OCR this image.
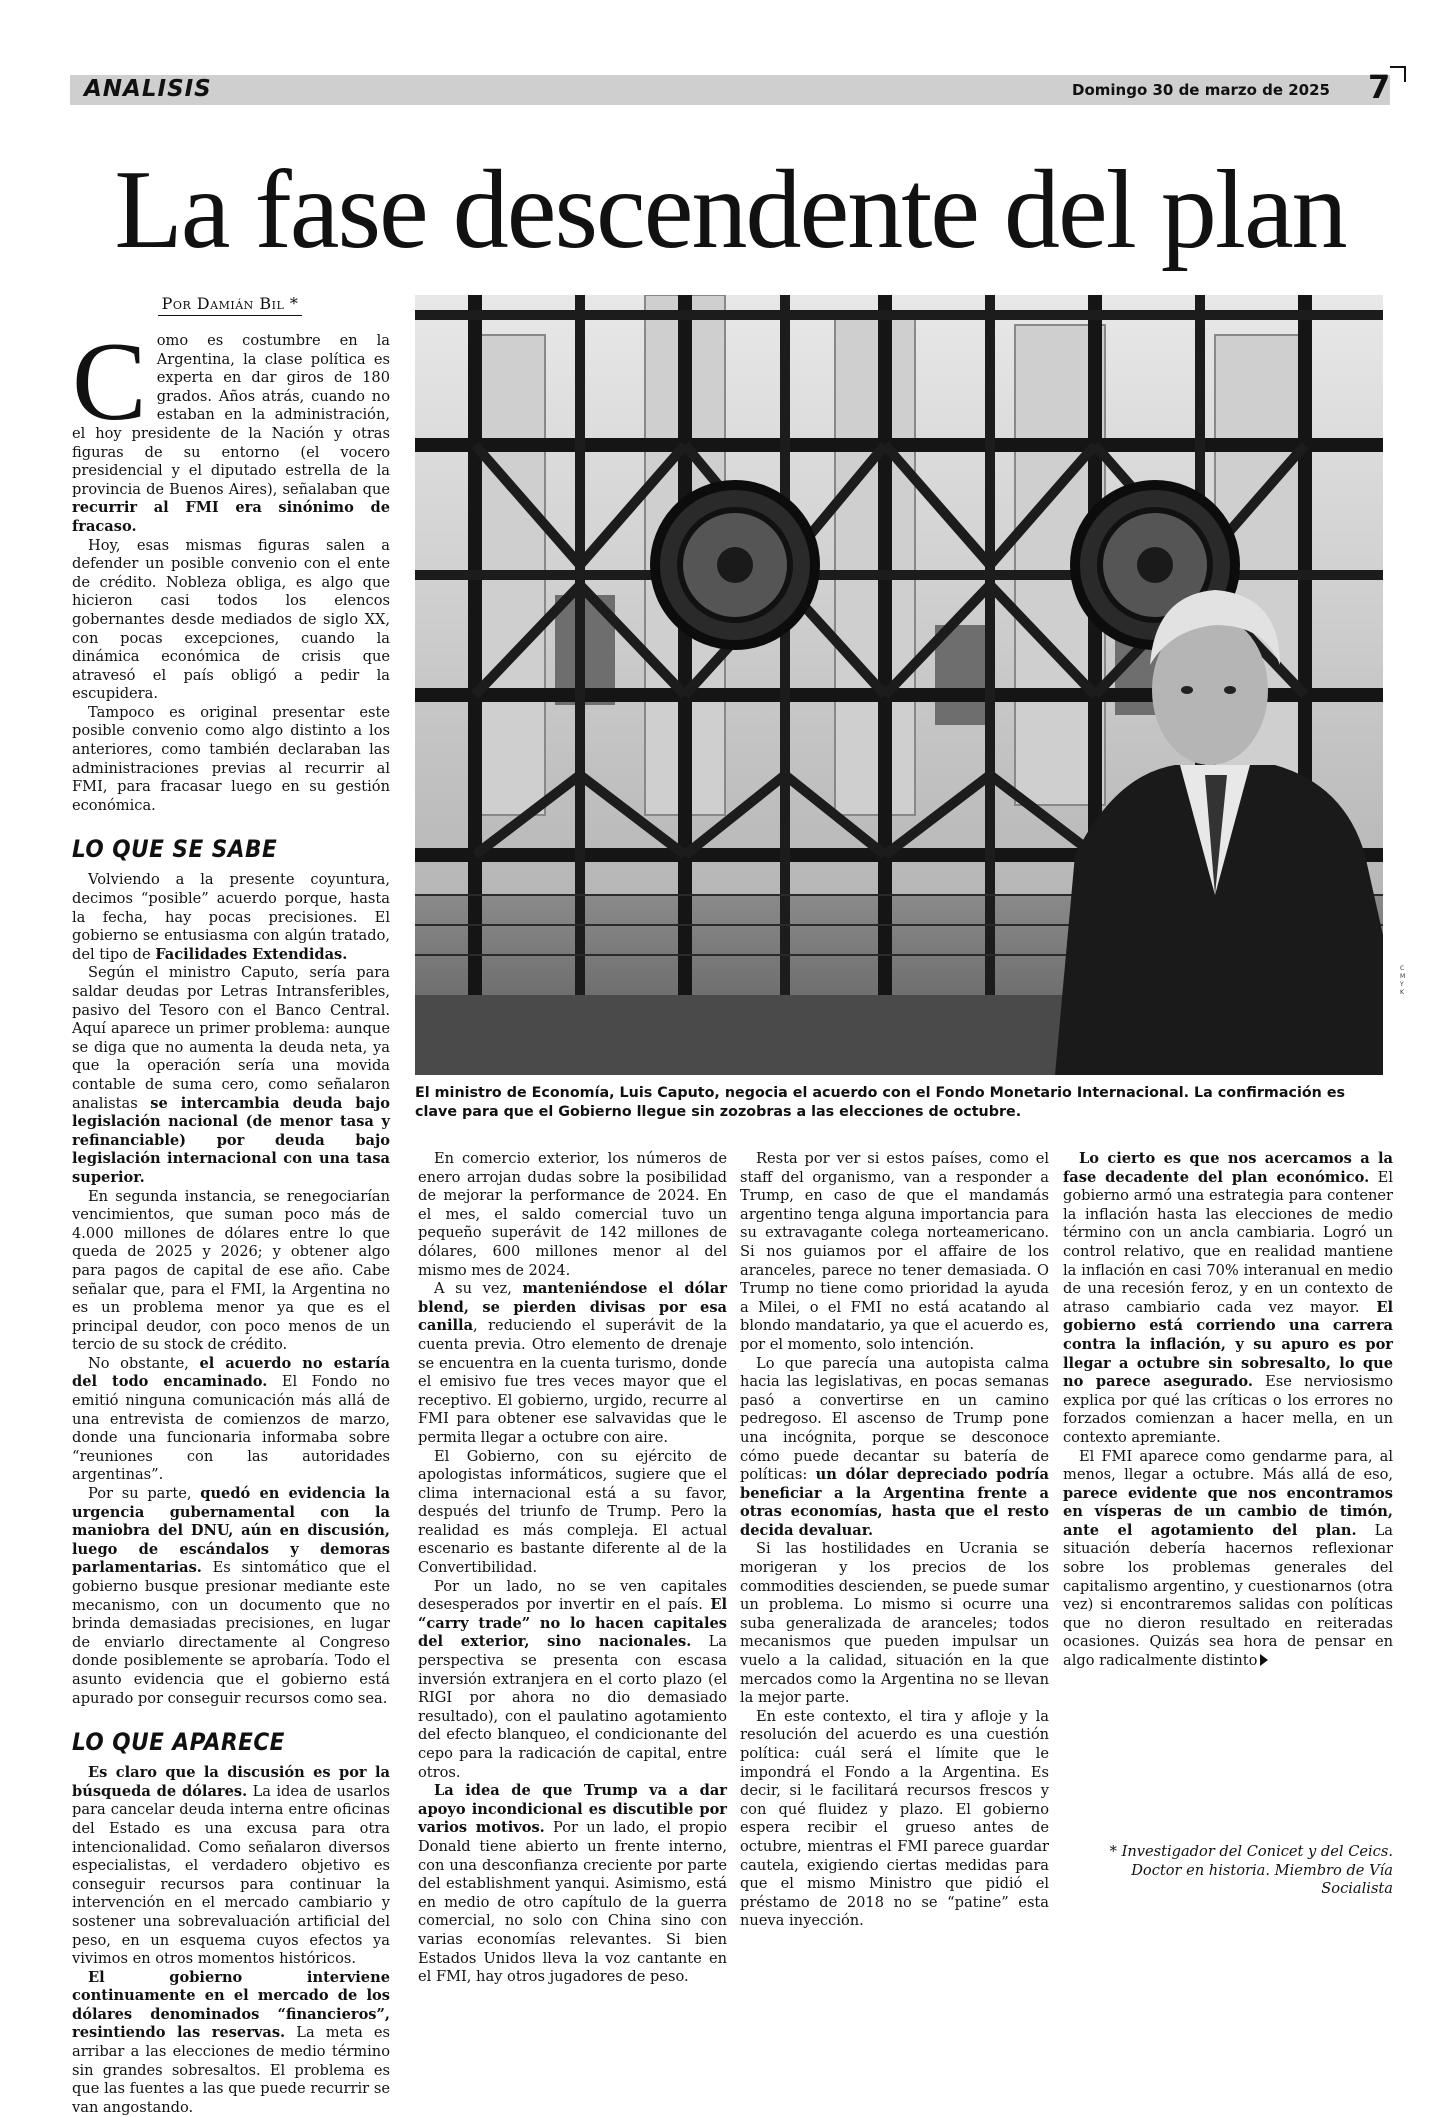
ANALISIS	Domingo 30 de marzo de 2025 7
La fase descendente del plan
Por Damián Bil *
El ministro de Economía, Luis Caputo, negocia el acuerdo con el Fondo Monetario Internacional. La confirmación es clave para que el Gobierno llegue sin zozobras a las elecciones de octubre.
C
M
Y
K

Como es costumbre en la Argentina, la clase política es experta en dar giros de 180 grados. Años atrás, cuando no estaban en la administración, el hoy presidente de la Nación y otras figuras de su entorno (el vocero presidencial y el diputado estrella de la provincia de Buenos Aires), señalaban que recurrir al FMI era sinónimo de fracaso.

Hoy, esas mismas figuras salen a defender un posible convenio con el ente de crédito. Nobleza obliga, es algo que hicieron casi todos los elencos gobernantes desde mediados de siglo XX, con pocas excepciones, cuando la dinámica económica de crisis que atravesó el país obligó a pedir la escupidera.

Tampoco es original presentar este posible convenio como algo distinto a los anteriores, como también declaraban las administraciones previas al recurrir al FMI, para fracasar luego en su gestión económica.

LO QUE SE SABE

Volviendo a la presente coyuntura, decimos “posible” acuerdo porque, hasta la fecha, hay pocas precisiones. El gobierno se entusiasma con algún tratado, del tipo de Facilidades Extendidas.

Según el ministro Caputo, sería para saldar deudas por Letras Intransferibles, pasivo del Tesoro con el Banco Central. Aquí aparece un primer problema: aunque se diga que no aumenta la deuda neta, ya que la operación sería una movida contable de suma cero, como señalaron analistas se intercambia deuda bajo legislación nacional (de menor tasa y refinanciable) por deuda bajo legislación internacional con una tasa superior.

En segunda instancia, se renegociarían vencimientos, que suman poco más de 4.000 millones de dólares entre lo que queda de 2025 y 2026; y obtener algo para pagos de capital de ese año. Cabe señalar que, para el FMI, la Argentina no es un problema menor ya que es el principal deudor, con poco menos de un tercio de su stock de crédito.

No obstante, el acuerdo no estaría del todo encaminado. El Fondo no emitió ninguna comunicación más allá de una entrevista de comienzos de marzo, donde una funcionaria informaba sobre “reuniones con las autoridades argentinas”.

Por su parte, quedó en evidencia la urgencia gubernamental con la maniobra del DNU, aún en discusión, luego de escándalos y demoras parlamentarias. Es sintomático que el gobierno busque presionar mediante este mecanismo, con un documento que no brinda demasiadas precisiones, en lugar de enviarlo directamente al Congreso donde posiblemente se aprobaría. Todo el asunto evidencia que el gobierno está apurado por conseguir recursos como sea.

LO QUE APARECE

Es claro que la discusión es por la búsqueda de dólares. La idea de usarlos para cancelar deuda interna entre oficinas del Estado es una excusa para otra intencionalidad. Como señalaron diversos especialistas, el verdadero objetivo es conseguir recursos para continuar la intervención en el mercado cambiario y sostener una sobrevaluación artificial del peso, en un esquema cuyos efectos ya vivimos en otros momentos históricos.

El gobierno interviene continuamente en el mercado de los dólares denominados “financieros”, resintiendo las reservas. La meta es arribar a las elecciones de medio término sin grandes sobresaltos. El problema es que las fuentes a las que puede recurrir se van angostando.

En comercio exterior, los números de enero arrojan dudas sobre la posibilidad de mejorar la performance de 2024. En el mes, el saldo comercial tuvo un pequeño superávit de 142 millones de dólares, 600 millones menor al del mismo mes de 2024.

A su vez, manteniéndose el dólar blend, se pierden divisas por esa canilla, reduciendo el superávit de la cuenta previa. Otro elemento de drenaje se encuentra en la cuenta turismo, donde el emisivo fue tres veces mayor que el receptivo. El gobierno, urgido, recurre al FMI para obtener ese salvavidas que le permita llegar a octubre con aire.

El Gobierno, con su ejército de apologistas informáticos, sugiere que el clima internacional está a su favor, después del triunfo de Trump. Pero la realidad es más compleja. El actual escenario es bastante diferente al de la Convertibilidad.

Por un lado, no se ven capitales desesperados por invertir en el país. El “carry trade” no lo hacen capitales del exterior, sino nacionales. La perspectiva se presenta con escasa inversión extranjera en el corto plazo (el RIGI por ahora no dio demasiado resultado), con el paulatino agotamiento del efecto blanqueo, el condicionante del cepo para la radicación de capital, entre otros.

La idea de que Trump va a dar apoyo incondicional es discutible por varios motivos. Por un lado, el propio Donald tiene abierto un frente interno, con una desconfianza creciente por parte del establishment yanqui. Asimismo, está en medio de otro capítulo de la guerra comercial, no solo con China sino con varias economías relevantes. Si bien Estados Unidos lleva la voz cantante en el FMI, hay otros jugadores de peso.

Resta por ver si estos países, como el staff del organismo, van a responder a Trump, en caso de que el mandamás argentino tenga alguna importancia para su extravagante colega norteamericano. Si nos guiamos por el affaire de los aranceles, parece no tener demasiada. O Trump no tiene como prioridad la ayuda a Milei, o el FMI no está acatando al blondo mandatario, ya que el acuerdo es, por el momento, solo intención.

Lo que parecía una autopista calma hacia las legislativas, en pocas semanas pasó a convertirse en un camino pedregoso. El ascenso de Trump pone una incógnita, porque se desconoce cómo puede decantar su batería de políticas: un dólar depreciado podría beneficiar a la Argentina frente a otras economías, hasta que el resto decida devaluar.

Si las hostilidades en Ucrania se morigeran y los precios de los commodities descienden, se puede sumar un problema. Lo mismo si ocurre una suba generalizada de aranceles; todos mecanismos que pueden impulsar un vuelo a la calidad, situación en la que mercados como la Argentina no se llevan la mejor parte.

En este contexto, el tira y afloje y la resolución del acuerdo es una cuestión política: cuál será el límite que le impondrá el Fondo a la Argentina. Es decir, si le facilitará recursos frescos y con qué fluidez y plazo. El gobierno espera recibir el grueso antes de octubre, mientras el FMI parece guardar cautela, exigiendo ciertas medidas para que el mismo Ministro que pidió el préstamo de 2018 no se “patine” esta nueva inyección.

Lo cierto es que nos acercamos a la fase decadente del plan económico. El gobierno armó una estrategia para contener la inflación hasta las elecciones de medio término con un ancla cambiaria. Logró un control relativo, que en realidad mantiene la inflación en casi 70% interanual en medio de una recesión feroz, y en un contexto de atraso cambiario cada vez mayor. El gobierno está corriendo una carrera contra la inflación, y su apuro es por llegar a octubre sin sobresalto, lo que no parece asegurado. Ese nerviosismo explica por qué las críticas o los errores no forzados comienzan a hacer mella, en un contexto apremiante.

El FMI aparece como gendarme para, al menos, llegar a octubre. Más allá de eso, parece evidente que nos encontramos en vísperas de un cambio de timón, ante el agotamiento del plan. La situación debería hacernos reflexionar sobre los problemas generales del capitalismo argentino, y cuestionarnos (otra vez) si encontraremos salidas con políticas que no dieron resultado en reiteradas ocasiones. Quizás sea hora de pensar en algo radicalmente distinto

* Investigador del Conicet y del Ceics. Doctor en historia. Miembro de Vía Socialista
